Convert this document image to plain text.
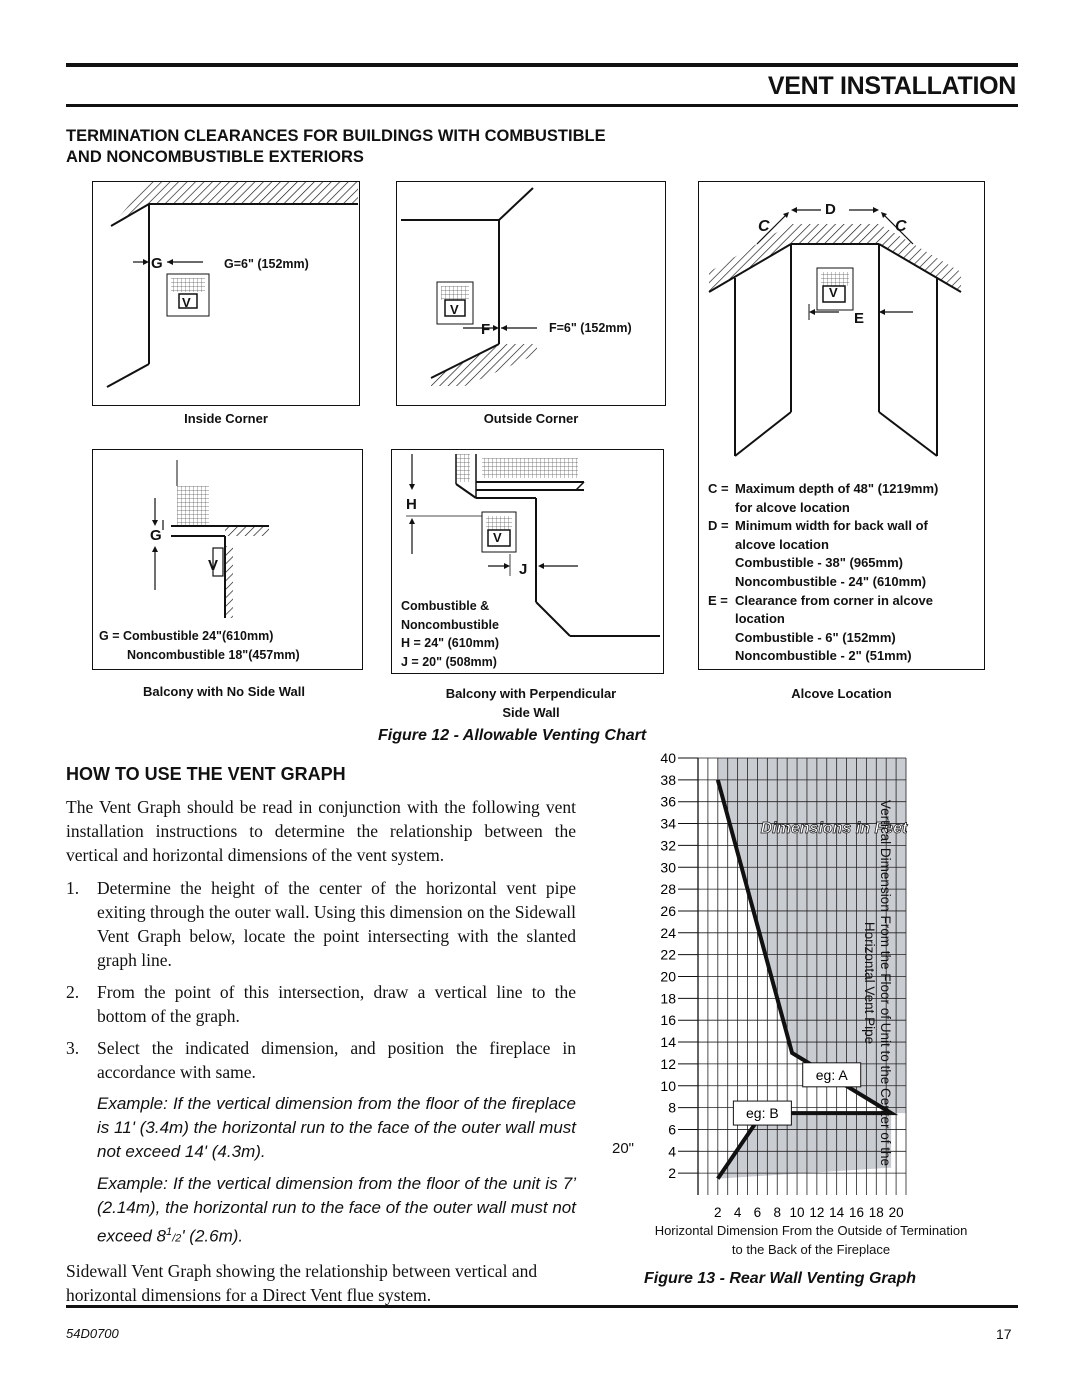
VENT INSTALLATION
TERMINATION CLEARANCES FOR BUILDINGS WITH COMBUSTIBLE
AND NONCOMBUSTIBLE EXTERIORS
G
V
G=6" (152mm)
Inside Corner
V
F	F=6" (152mm)
Outside Corner
D
C	C
V
E
C = Maximum depth of 48" (1219mm)
for alcove location
D = Minimum width for back wall of
alcove location
Combustible - 38" (965mm)
Noncombustible - 24" (610mm)
E = Clearance from corner in alcove
location
Combustible - 6" (152mm)
Noncombustible - 2" (51mm)
Alcove Location
G
V
G = Combustible 24"(610mm)
Noncombustible 18"(457mm)
Balcony with No Side Wall
H
V
J
Combustible &
Noncombustible
H = 24" (610mm)
J = 20" (508mm)
Balcony with Perpendicular
Side Wall
Figure 12 - Allowable Venting Chart
HOW TO USE THE VENT GRAPH
The Vent Graph should be read in conjunction with the following vent installation instructions to determine the relationship between the vertical and horizontal dimensions of the vent system.
1.	Determine the height of the center of the horizontal vent pipe exiting through the outer wall. Using this dimension on the Sidewall Vent Graph below, locate the point intersecting with the slanted graph line.
2.	From the point of this intersection, draw a vertical line to the bottom of the graph.
3.	Select the indicated dimension, and position the fireplace in accordance with same.
Example: If the vertical dimension from the floor of the fireplace is 11' (3.4m) the horizontal run to the face of the outer wall must not exceed 14' (4.3m).
Example: If the vertical dimension from the floor of the unit is 7’ (2.14m), the horizontal run to the face of the outer wall must not exceed $8^1/2'$ (2.6m).
Sidewall Vent Graph showing the relationship between vertical and horizontal dimensions for a Direct Vent flue system.
2
4
6
8
10
12
14
16
18
20
22
24
26
28
30
32
34
36
38
40
2 4 6 8 10 12 14 16 18 20
eg: A
eg: B
Dimensions in Feet
20"
Horizontal Dimension From the Outside of Termination to the Back of the Fireplace
Vertical Dimension From the Floor of Unit to the Center of the Horizontal Vent Pipe
Figure 13 - Rear Wall Venting Graph
54D0700	17
